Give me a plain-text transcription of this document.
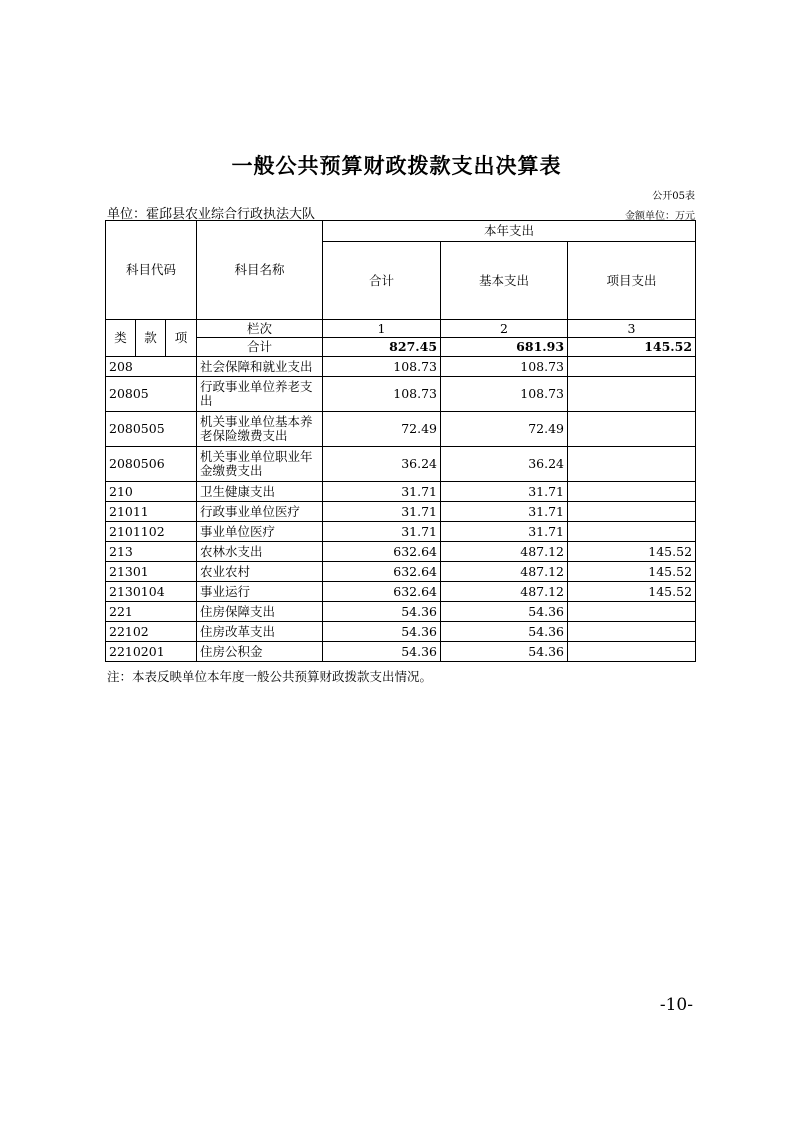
一般公共预算财政拨款支出决算表
公开05表
单位：霍邱县农业综合行政执法大队	金额单位：万元
科目代码			科目名称	本年支出		
				合计	基本支出	项目支出
类	款	项	栏次	1	2	3
			合计	827.45	681.93	145.52
208			社会保障和就业支出	108.73	108.73	
20805			行政事业单位养老支出	108.73	108.73	
2080505			机关事业单位基本养老保险缴费支出	72.49	72.49	
2080506			机关事业单位职业年金缴费支出	36.24	36.24	
210			卫生健康支出	31.71	31.71	
21011			行政事业单位医疗	31.71	31.71	
2101102			事业单位医疗	31.71	31.71	
213			农林水支出	632.64	487.12	145.52
21301			农业农村	632.64	487.12	145.52
2130104			事业运行	632.64	487.12	145.52
221			住房保障支出	54.36	54.36	
22102			住房改革支出	54.36	54.36	
2210201			住房公积金	54.36	54.36	
注：本表反映单位本年度一般公共预算财政拨款支出情况。
-10-
